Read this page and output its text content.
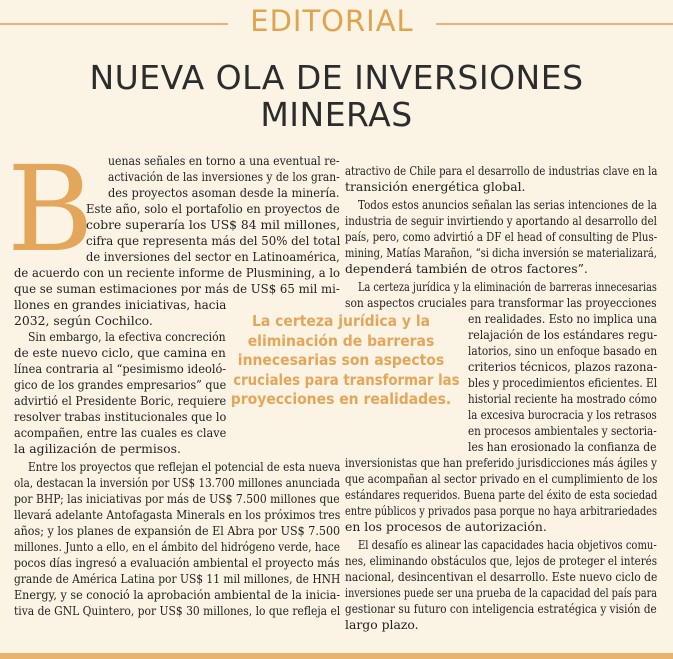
EDITORIAL
NUEVA OLA DE INVERSIONES
MINERAS
B uenas señales en torno a una eventual re-
activación de las inversiones y de los gran-
des proyectos asoman desde la minería.
Este año, solo el portafolio en proyectos de
cobre superaría los US$ 84 mil millones,
cifra que representa más del 50% del total
de inversiones del sector en Latinoamérica,
de acuerdo con un reciente informe de Plusmining, a lo
que se suman estimaciones por más de US$ 65 mil mi-
llones en grandes iniciativas, hacia
2032, según Cochilco.
Sin embargo, la efectiva concreción
de este nuevo ciclo, que camina en
línea contraria al “pesimismo ideoló-
gico de los grandes empresarios” que
advirtió el Presidente Boric, requiere
resolver trabas institucionales que lo
acompañen, entre las cuales es clave
la agilización de permisos.
Entre los proyectos que reflejan el potencial de esta nueva
ola, destacan la inversión por US$ 13.700 millones anunciada
por BHP; las iniciativas por más de US$ 7.500 millones que
llevará adelante Antofagasta Minerals en los próximos tres
años; y los planes de expansión de El Abra por US$ 7.500
millones. Junto a ello, en el ámbito del hidrógeno verde, hace
pocos días ingresó a evaluación ambiental el proyecto más
grande de América Latina por US$ 11 mil millones, de HNH
Energy, y se conoció la aprobación ambiental de la inicia-
tiva de GNL Quintero, por US$ 30 millones, lo que refleja el
atractivo de Chile para el desarrollo de industrias clave en la
transición energética global.
Todos estos anuncios señalan las serias intenciones de la
industria de seguir invirtiendo y aportando al desarrollo del
país, pero, como advirtió a DF el head of consulting de Plus-
mining, Matías Marañon, “si dicha inversión se materializará,
dependerá también de otros factores”.
La certeza jurídica y la eliminación de barreras innecesarias
son aspectos cruciales para transformar las proyecciones
en realidades. Esto no implica una
relajación de los estándares regu-
latorios, sino un enfoque basado en
criterios técnicos, plazos razona-
bles y procedimientos eficientes. El
historial reciente ha mostrado cómo
la excesiva burocracia y los retrasos
en procesos ambientales y sectoria-
les han erosionado la confianza de
inversionistas que han preferido jurisdicciones más ágiles y
que acompañan al sector privado en el cumplimiento de los
estándares requeridos. Buena parte del éxito de esta sociedad
entre públicos y privados pasa porque no haya arbitrariedades
en los procesos de autorización.
El desafío es alinear las capacidades hacia objetivos comu-
nes, eliminando obstáculos que, lejos de proteger el interés
nacional, desincentivan el desarrollo. Este nuevo ciclo de
inversiones puede ser una prueba de la capacidad del país para
gestionar su futuro con inteligencia estratégica y visión de
largo plazo.
La certeza jurídica y la
eliminación de barreras
innecesarias son aspectos
cruciales para transformar las
proyecciones en realidades.
